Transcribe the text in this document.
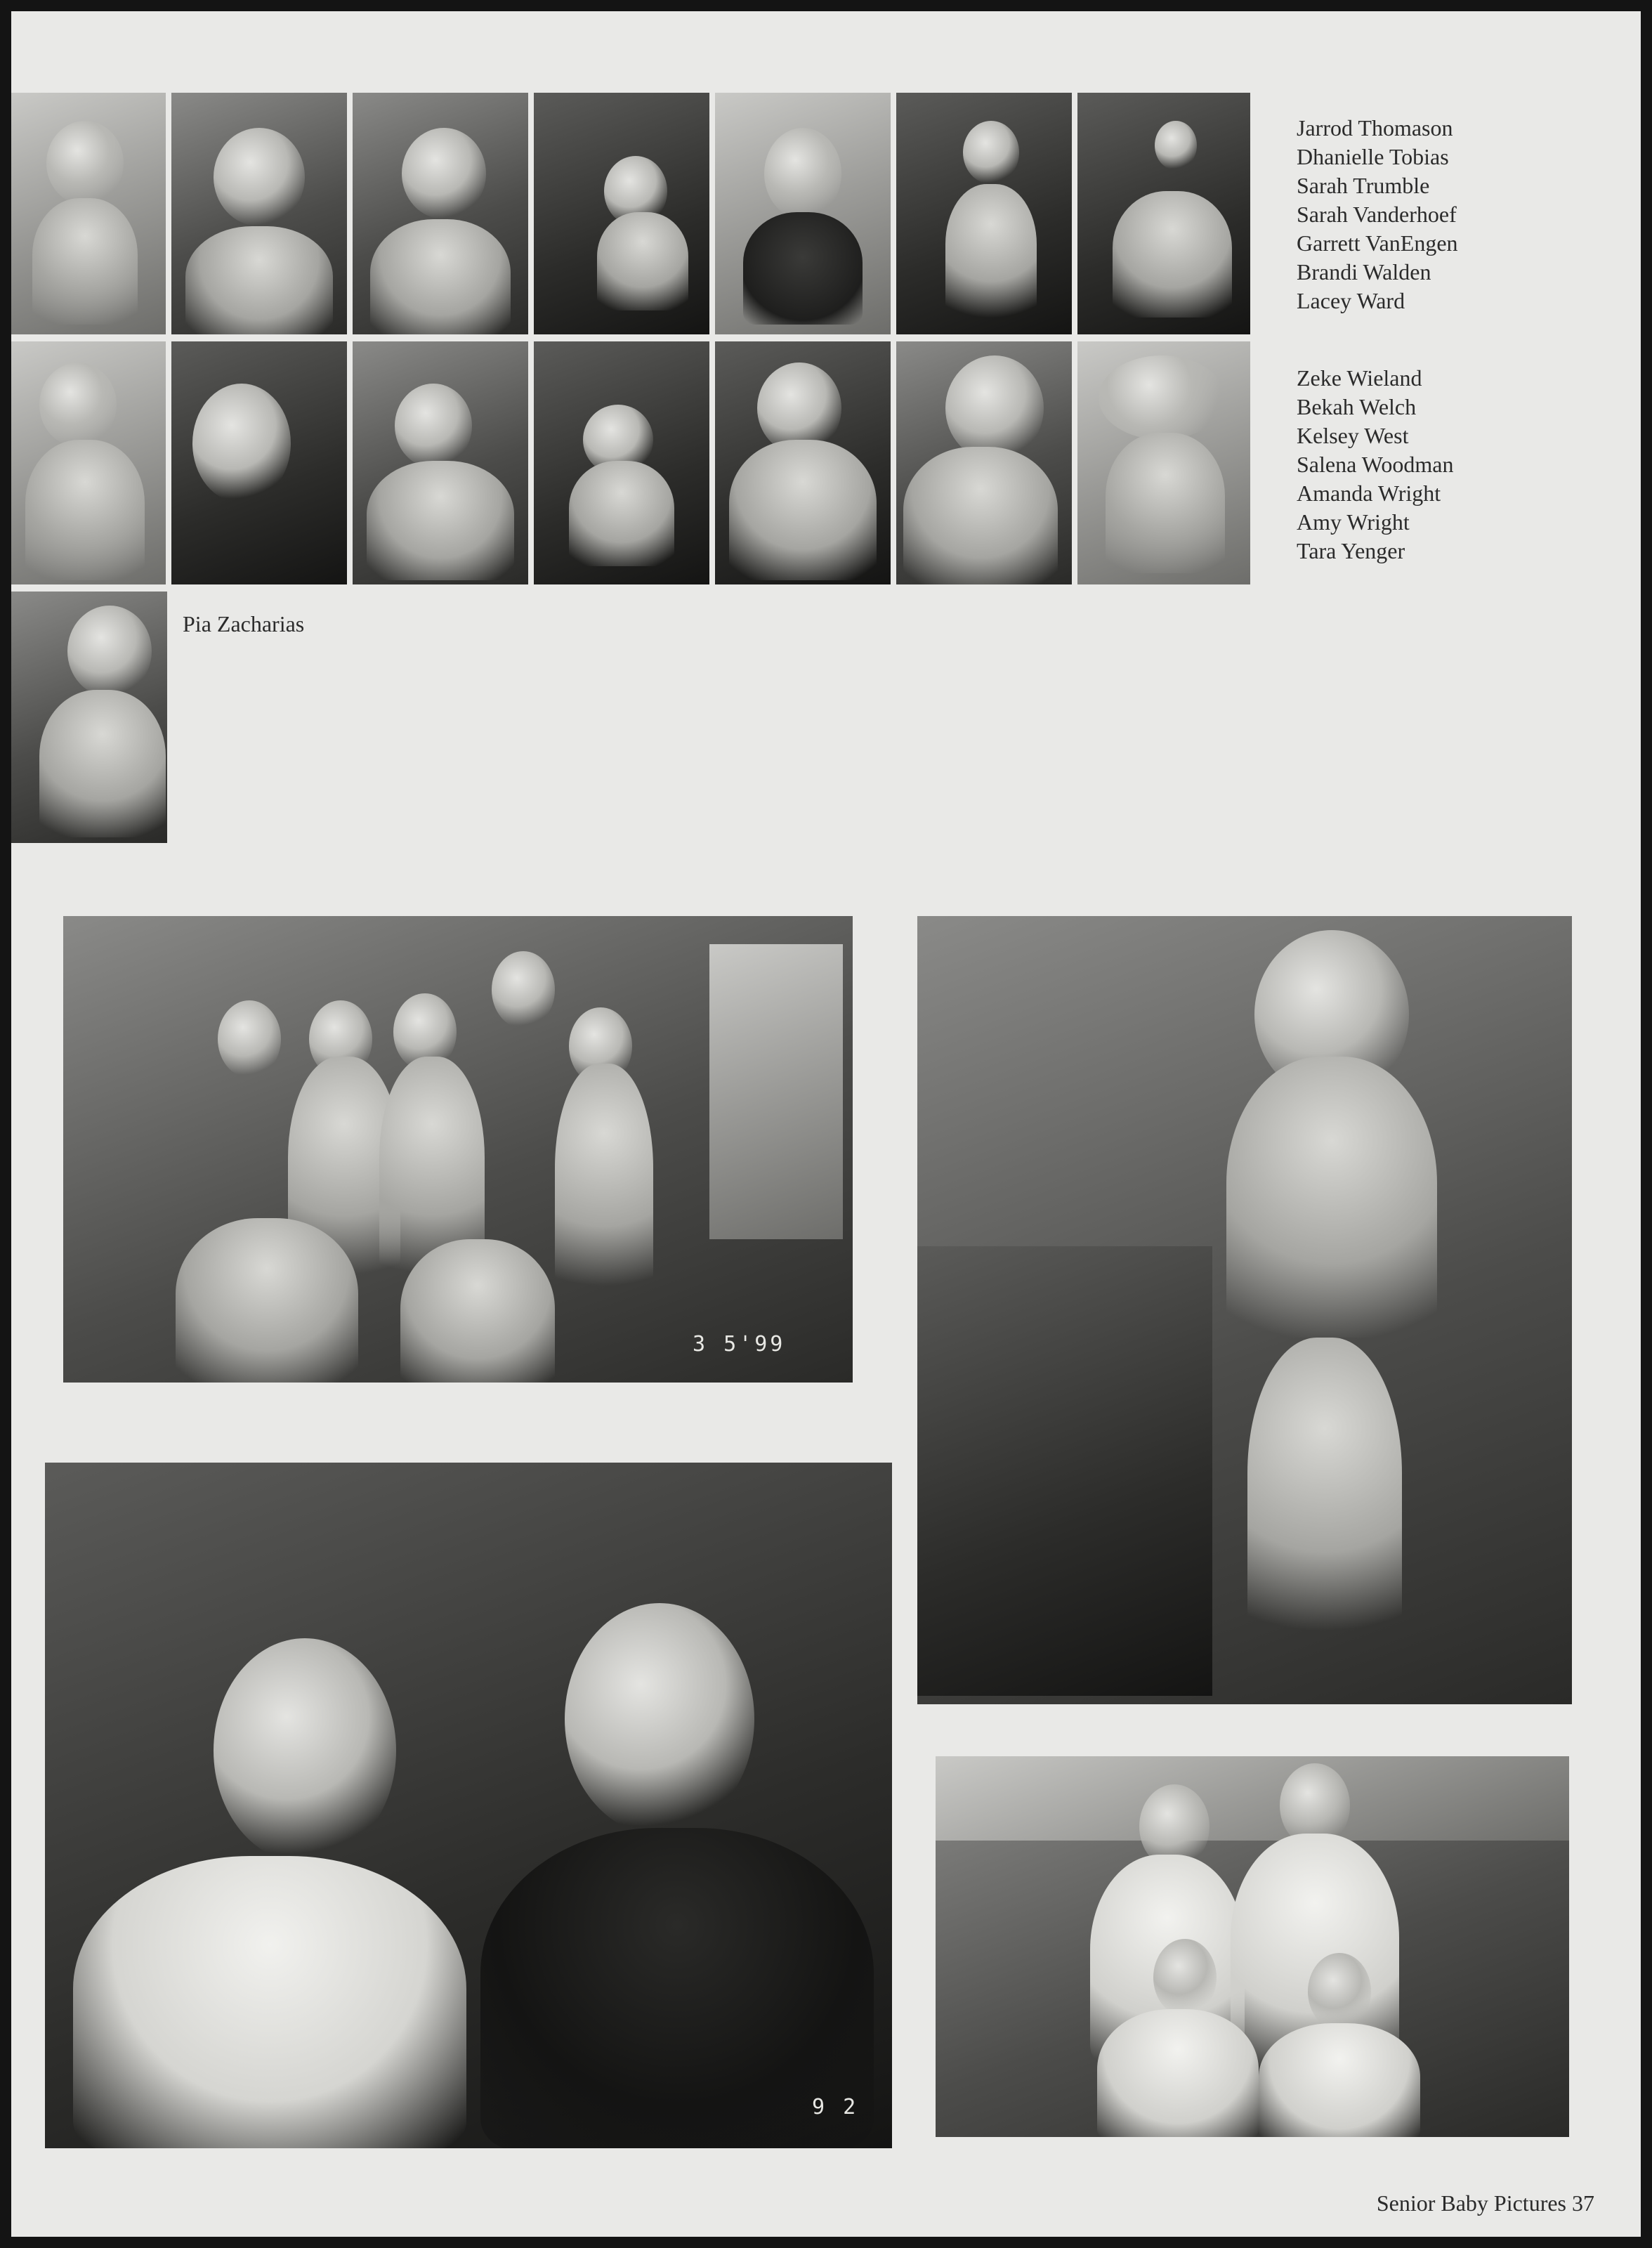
Jarrod Thomason
Dhanielle Tobias
Sarah Trumble
Sarah Vanderhoef
Garrett VanEngen
Brandi Walden
Lacey Ward
Zeke Wieland
Bekah Welch
Kelsey West
Salena Woodman
Amanda Wright
Amy Wright
Tara Yenger
Pia Zacharias
3 5'99
9 2
Senior Baby Pictures 37
